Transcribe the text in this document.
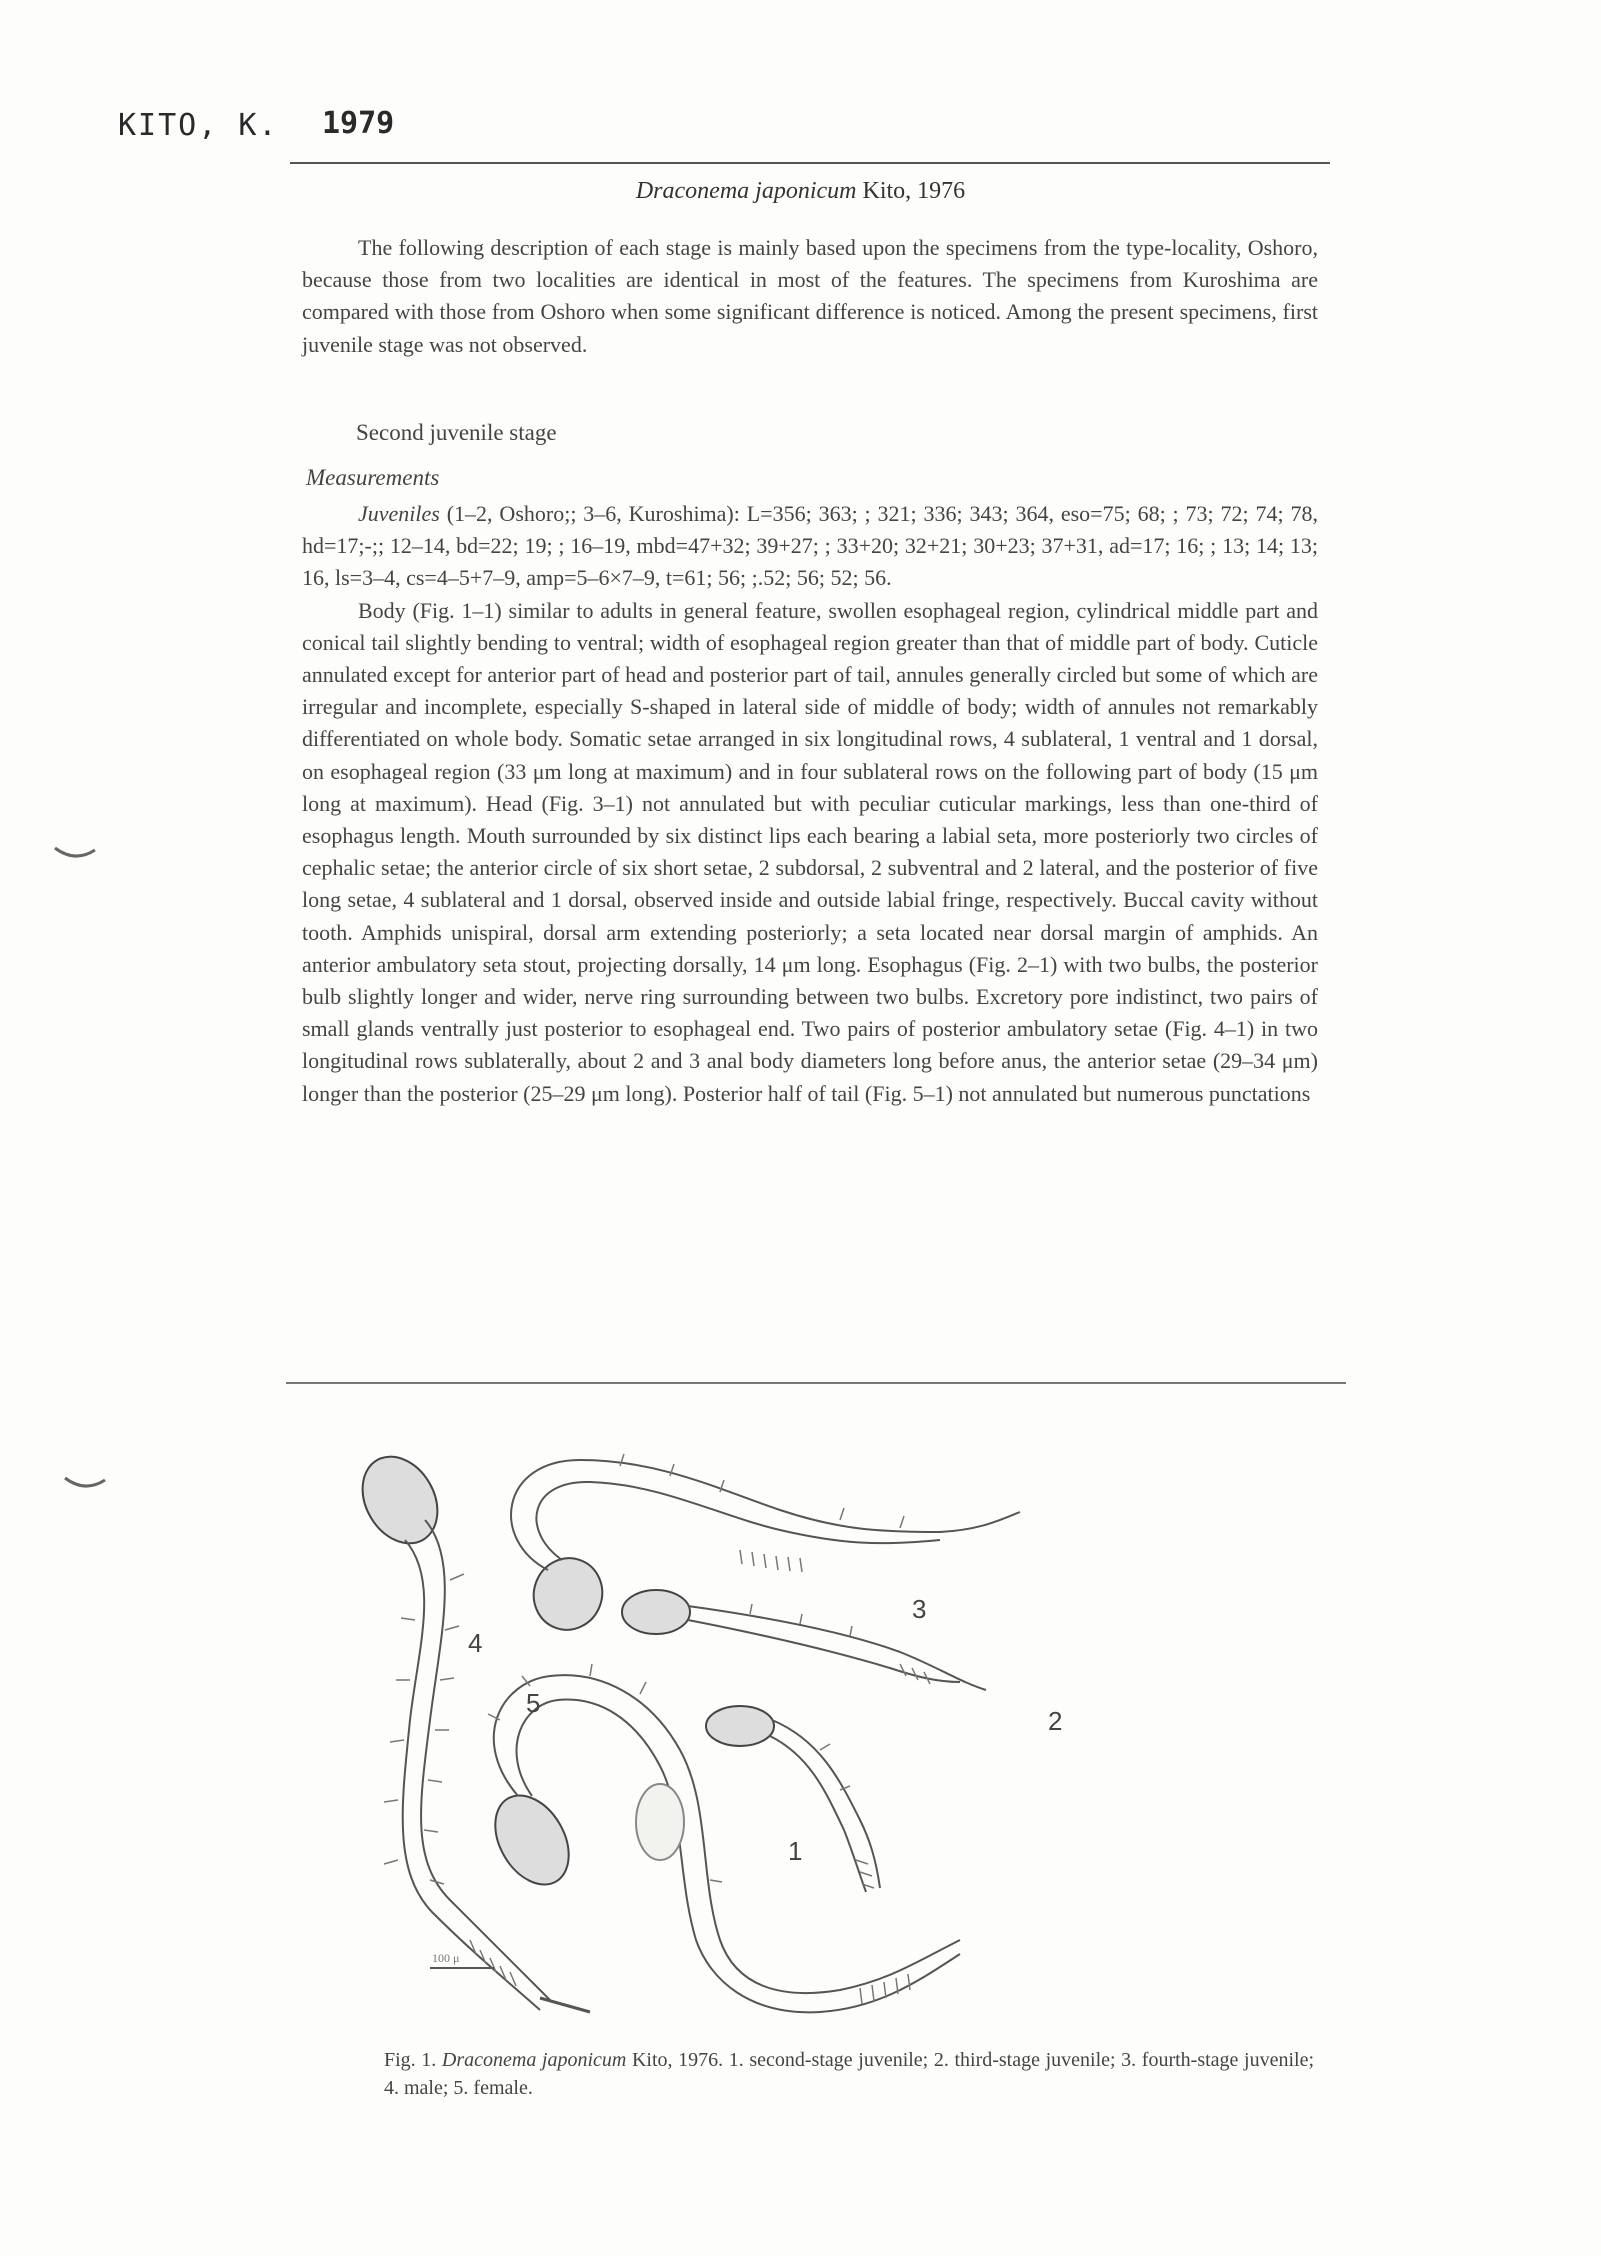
KITO, K. 1979
Draconema japonicum Kito, 1976

The following description of each stage is mainly based upon the specimens from the type-locality, Oshoro, because those from two localities are identical in most of the features. The specimens from Kuroshima are compared with those from Oshoro when some significant difference is noticed. Among the present specimens, first juvenile stage was not observed.

Second juvenile stage
Measurements

Juveniles (1–2, Oshoro;; 3–6, Kuroshima): L=356; 363; ; 321; 336; 343; 364, eso=75; 68; ; 73; 72; 74; 78, hd=17;-;; 12–14, bd=22; 19; ; 16–19, mbd=47+32; 39+27; ; 33+20; 32+21; 30+23; 37+31, ad=17; 16; ; 13; 14; 13; 16, ls=3–4, cs=4–5+7–9, amp=5–6×7–9, t=61; 56; ;.52; 56; 52; 56.

Body (Fig. 1–1) similar to adults in general feature, swollen esophageal region, cylindrical middle part and conical tail slightly bending to ventral; width of esophageal region greater than that of middle part of body. Cuticle annulated except for anterior part of head and posterior part of tail, annules generally circled but some of which are irregular and incomplete, especially S-shaped in lateral side of middle of body; width of annules not remarkably differentiated on whole body. Somatic setae arranged in six longitudinal rows, 4 sublateral, 1 ventral and 1 dorsal, on esophageal region (33 μm long at maximum) and in four sublateral rows on the following part of body (15 μm long at maximum). Head (Fig. 3–1) not annulated but with peculiar cuticular markings, less than one-third of esophagus length. Mouth surrounded by six distinct lips each bearing a labial seta, more posteriorly two circles of cephalic setae; the anterior circle of six short setae, 2 subdorsal, 2 subventral and 2 lateral, and the posterior of five long setae, 4 sublateral and 1 dorsal, observed inside and outside labial fringe, respectively. Buccal cavity without tooth. Amphids unispiral, dorsal arm extending posteriorly; a seta located near dorsal margin of amphids. An anterior ambulatory seta stout, projecting dorsally, 14 μm long. Esophagus (Fig. 2–1) with two bulbs, the posterior bulb slightly longer and wider, nerve ring surrounding between two bulbs. Excretory pore indistinct, two pairs of small glands ventrally just posterior to esophageal end. Two pairs of posterior ambulatory setae (Fig. 4–1) in two longitudinal rows sublaterally, about 2 and 3 anal body diameters long before anus, the anterior setae (29–34 μm) longer than the posterior (25–29 μm long). Posterior half of tail (Fig. 5–1) not annulated but numerous punctations

4
100 μ
3
2
1
5
Fig. 1. Draconema japonicum Kito, 1976. 1. second-stage juvenile; 2. third-stage juvenile; 3. fourth-stage juvenile; 4. male; 5. female.
